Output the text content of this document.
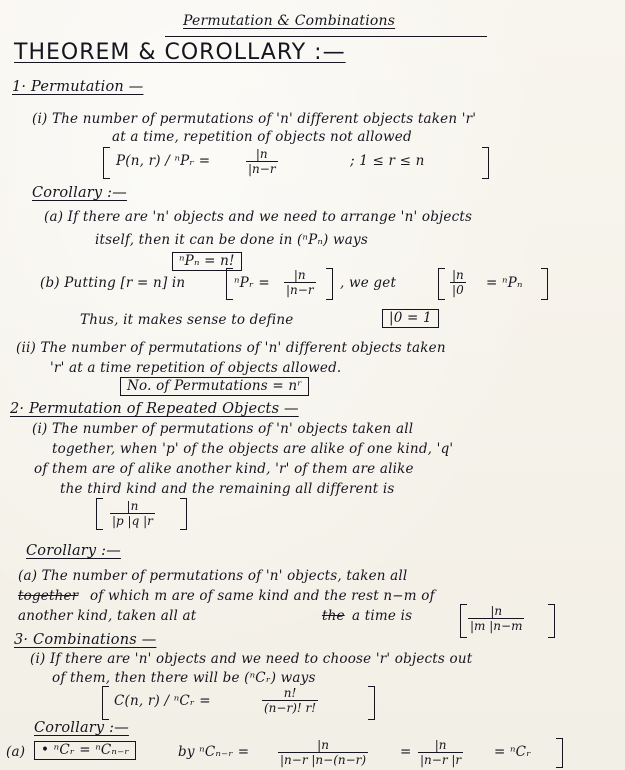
Permutation & Combinations
THEOREM & COROLLARY :—
1· Permutation —
(i) The number of permutations of 'n' different objects taken 'r'
at a time, repetition of objects not allowed
P(n, r) / ⁿPᵣ =	$\frac{|n}{|n-r}$	; 1 ≤ r ≤ n
Corollary :—
(a) If there are 'n' objects and we need to arrange 'n' objects
itself, then it can be done in (ⁿPₙ) ways
ⁿPₙ = n!
(b) Putting [r = n] in	ⁿPᵣ = $\frac{|n}{|n-r}$ , we get	$\frac{|n}{|0} = ^nP_n$
Thus, it makes sense to define	|0 = 1
(ii) The number of permutations of 'n' different objects taken
'r' at a time repetition of objects allowed.
No. of Permutations = nʳ
2· Permutation of Repeated Objects —
(i) The number of permutations of 'n' objects taken all
together, when 'p' of the objects are alike of one kind, 'q'
of them are of alike another kind, 'r' of them are alike
the third kind and the remaining all different is
$\frac{|n}{|p |q |r}$
Corollary :—
(a) The number of permutations of 'n' objects, taken all
together of which m are of same kind and the rest n−m of
another kind, taken all at	the a time is	$\frac{|n}{|m |n-m}$
3· Combinations —
(i) If there are 'n' objects and we need to choose 'r' objects out
of them, then there will be (ⁿCᵣ) ways
C(n, r) / ⁿCᵣ =	$\frac{n!}{(n-r)! r!}$
Corollary :—
(a)	• ⁿCᵣ = ⁿCₙ₋ᵣ	by ⁿCₙ₋ᵣ = $\frac{|n}{|n-r |n-(n-r)} = \frac{|n}{|n-r |r}$ = ⁿCᵣ
